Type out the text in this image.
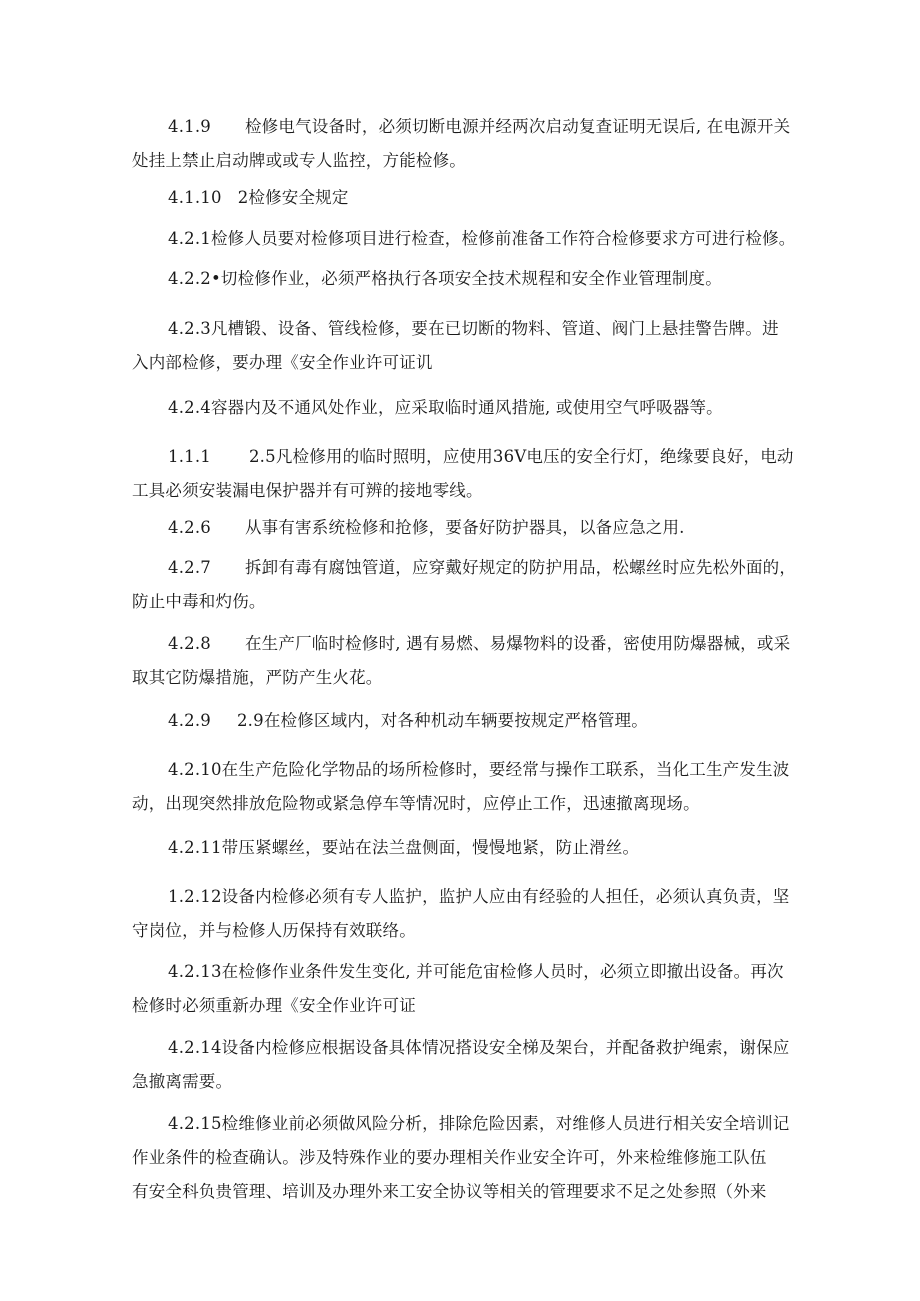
4.1.9 检修电气设备时，必须切断电源并经两次启动复查证明无误后, 在电源开关
处挂上禁止启动牌或或专人监控，方能检修。
4.1.10 2检修安全规定
4.2.1检修人员要对检修项目进行检查，检修前准备工作符合检修要求方可进行检修。
4.2.2•切检修作业，必须严格执行各项安全技术规程和安全作业管理制度。
4.2.3凡槽锻、设备、管线检修，要在已切断的物料、管道、阀门上悬挂警告牌。进
入内部检修，要办理《安全作业许可证讥
4.2.4容器内及不通风处作业，应采取临时通风措施, 或使用空气呼吸器等。
1.1.1 2.5凡检修用的临时照明，应使用36V电压的安全行灯，绝缘要良好，电动
工具必须安装漏电保护器并有可辨的接地零线。
4.2.6 从事有害系统检修和抢修，要备好防护器具，以备应急之用.
4.2.7 拆卸有毒有腐蚀管道，应穿戴好规定的防护用品，松螺丝时应先松外面的，
防止中毒和灼伤。
4.2.8 在生产厂临时检修时, 遇有易燃、易爆物料的设番，密使用防爆器械，或采
取其它防爆措施，严防产生火花。
4.2.9 2.9在检修区域内，对各种机动车辆要按规定严格管理。
4.2.10在生产危险化学物品的场所检修时，要经常与操作工联系，当化工生产发生波
动，出现突然排放危险物或紧急停车等情况时，应停止工作，迅速撤离现场。
4.2.11带压紧螺丝，要站在法兰盘侧面，慢慢地紧，防止滑丝。
1.2.12设备内检修必须有专人监护，监护人应由有经验的人担任，必须认真负责，坚
守岗位，并与检修人历保持有效联络。
4.2.13在检修作业条件发生变化, 并可能危宙检修人员时，必须立即撤出设备。再次
检修时必须重新办理《安全作业许可证
4.2.14设备内检修应根据设备具体情况搭设安全梯及架台，并配备救护绳索，谢保应
急撤离需要。
4.2.15检维修业前必须做风险分析，排除危险因素，对维修人员进行相关安全培训记
作业条件的检查确认。涉及特殊作业的要办理相关作业安全许可，外来检维修施工队伍
有安全科负贵管理、培训及办理外来工安全协议等相关的管理要求不足之处参照（外来
